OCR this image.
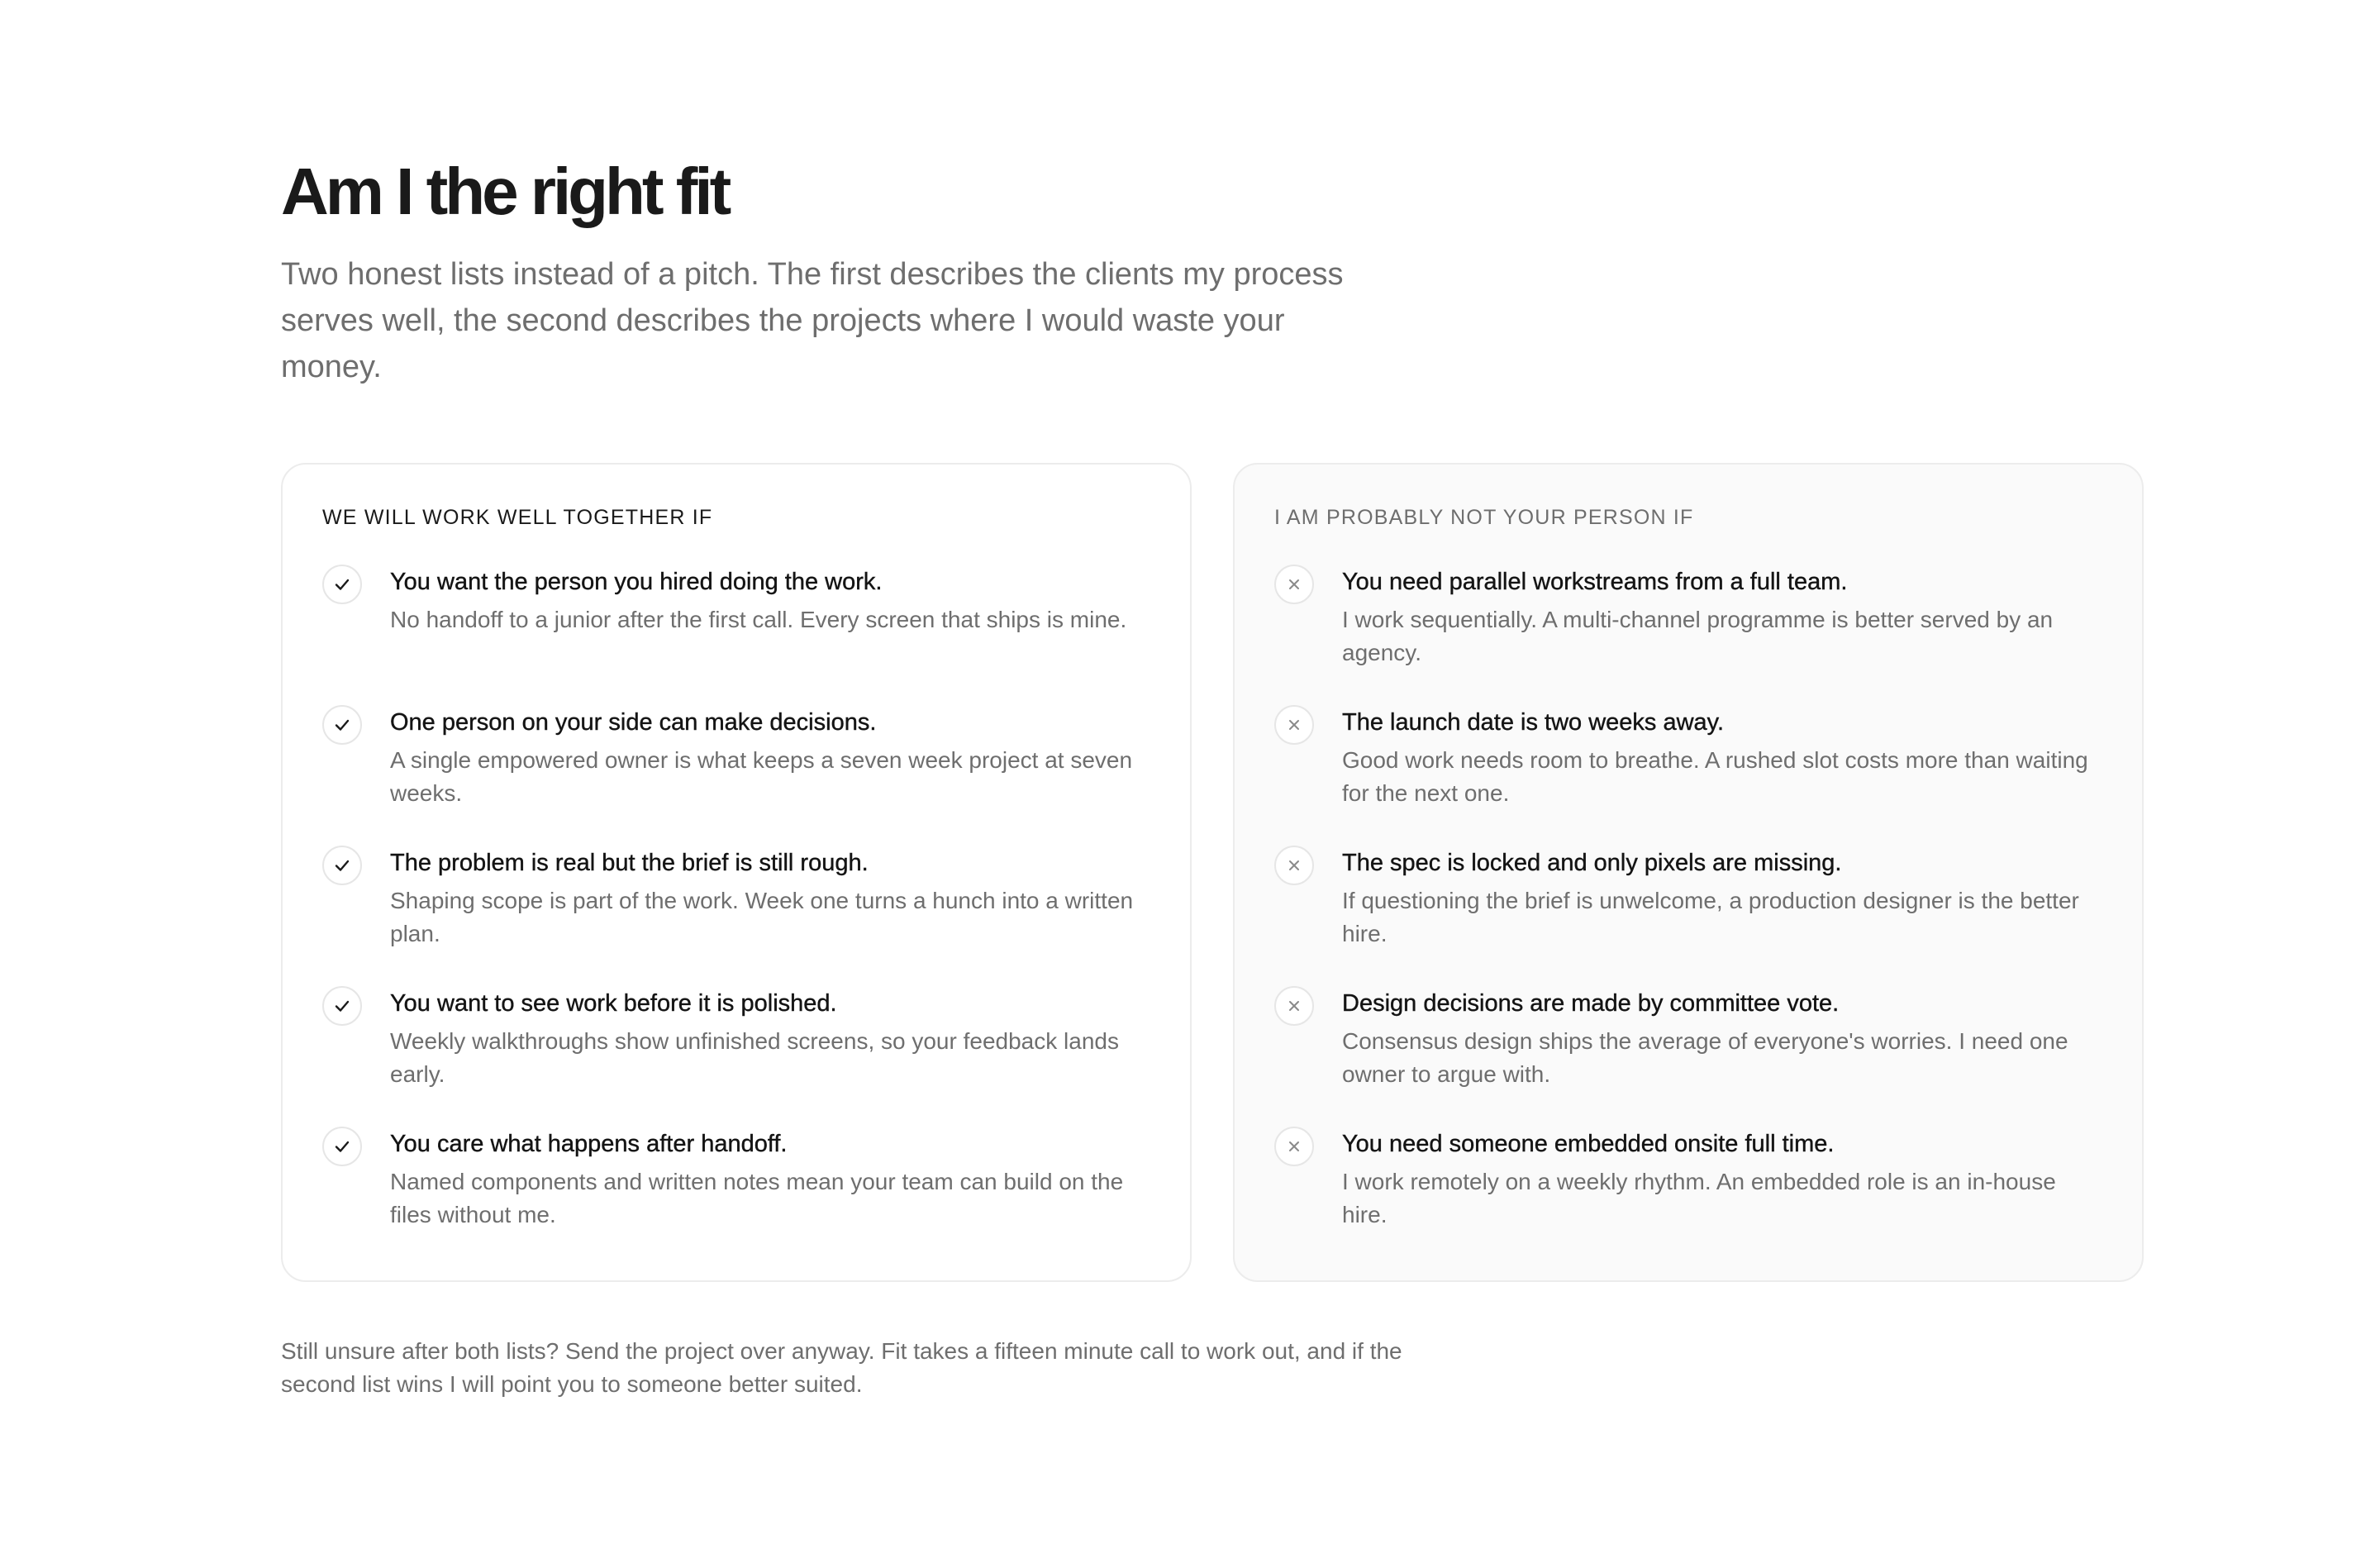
Am I the right fit

Two honest lists instead of a pitch. The first describes the clients my process serves well, the second describes the projects where I would waste your money.

WE WILL WORK WELL TOGETHER IF

You want the person you hired doing the work.

No handoff to a junior after the first call. Every screen that ships is mine.

One person on your side can make decisions.

A single empowered owner is what keeps a seven week project at seven weeks.

The problem is real but the brief is still rough.

Shaping scope is part of the work. Week one turns a hunch into a written plan.

You want to see work before it is polished.

Weekly walkthroughs show unfinished screens, so your feedback lands early.

You care what happens after handoff.

Named components and written notes mean your team can build on the files without me.

I AM PROBABLY NOT YOUR PERSON IF

You need parallel workstreams from a full team.

I work sequentially. A multi-channel programme is better served by an agency.

The launch date is two weeks away.

Good work needs room to breathe. A rushed slot costs more than waiting for the next one.

The spec is locked and only pixels are missing.

If questioning the brief is unwelcome, a production designer is the better hire.

Design decisions are made by committee vote.

Consensus design ships the average of everyone's worries. I need one owner to argue with.

You need someone embedded onsite full time.

I work remotely on a weekly rhythm. An embedded role is an in-house hire.

Still unsure after both lists? Send the project over anyway. Fit takes a fifteen minute call to work out, and if the second list wins I will point you to someone better suited.
